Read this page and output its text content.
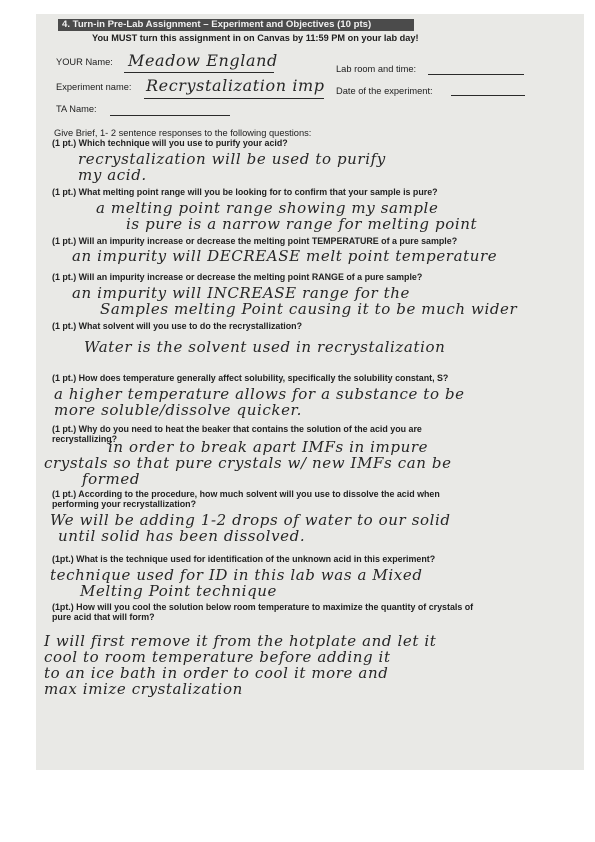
4. Turn-in Pre-Lab Assignment – Experiment and Objectives (10 pts)
You MUST turn this assignment in on Canvas by 11:59 PM on your lab day!
YOUR Name: Meadow England	Lab room and time:
Experiment name: Recrystalization imp Date of the experiment:
TA Name:
Give Brief, 1- 2 sentence responses to the following questions:
(1 pt.) Which technique will you use to purify your acid?
recrystalization will be used to purify
my acid.
(1 pt.) What melting point range will you be looking for to confirm that your sample is pure?
a melting point range showing my sample
is pure is a narrow range for melting point
(1 pt.) Will an impurity increase or decrease the melting point TEMPERATURE of a pure sample?
an impurity will DECREASE melt point temperature
(1 pt.) Will an impurity increase or decrease the melting point RANGE of a pure sample?
an impurity will INCREASE range for the
Samples melting Point causing it to be much wider
(1 pt.) What solvent will you use to do the recrystallization?
Water is the solvent used in recrystalization
(1 pt.) How does temperature generally affect solubility, specifically the solubility constant, S?
a higher temperature allows for a substance to be
more soluble/dissolve quicker.
(1 pt.) Why do you need to heat the beaker that contains the solution of the acid you are
recrystallizing?
in order to break apart IMFs in impure
crystals so that pure crystals w/ new IMFs can be
formed
(1 pt.) According to the procedure, how much solvent will you use to dissolve the acid when
performing your recrystallization?
We will be adding 1-2 drops of water to our solid
until solid has been dissolved.
(1pt.) What is the technique used for identification of the unknown acid in this experiment?
technique used for ID in this lab was a Mixed
Melting Point technique
(1pt.) How will you cool the solution below room temperature to maximize the quantity of crystals of
pure acid that will form?
I will first remove it from the hotplate and let it
cool to room temperature before adding it
to an ice bath in order to cool it more and
max imize crystalization
